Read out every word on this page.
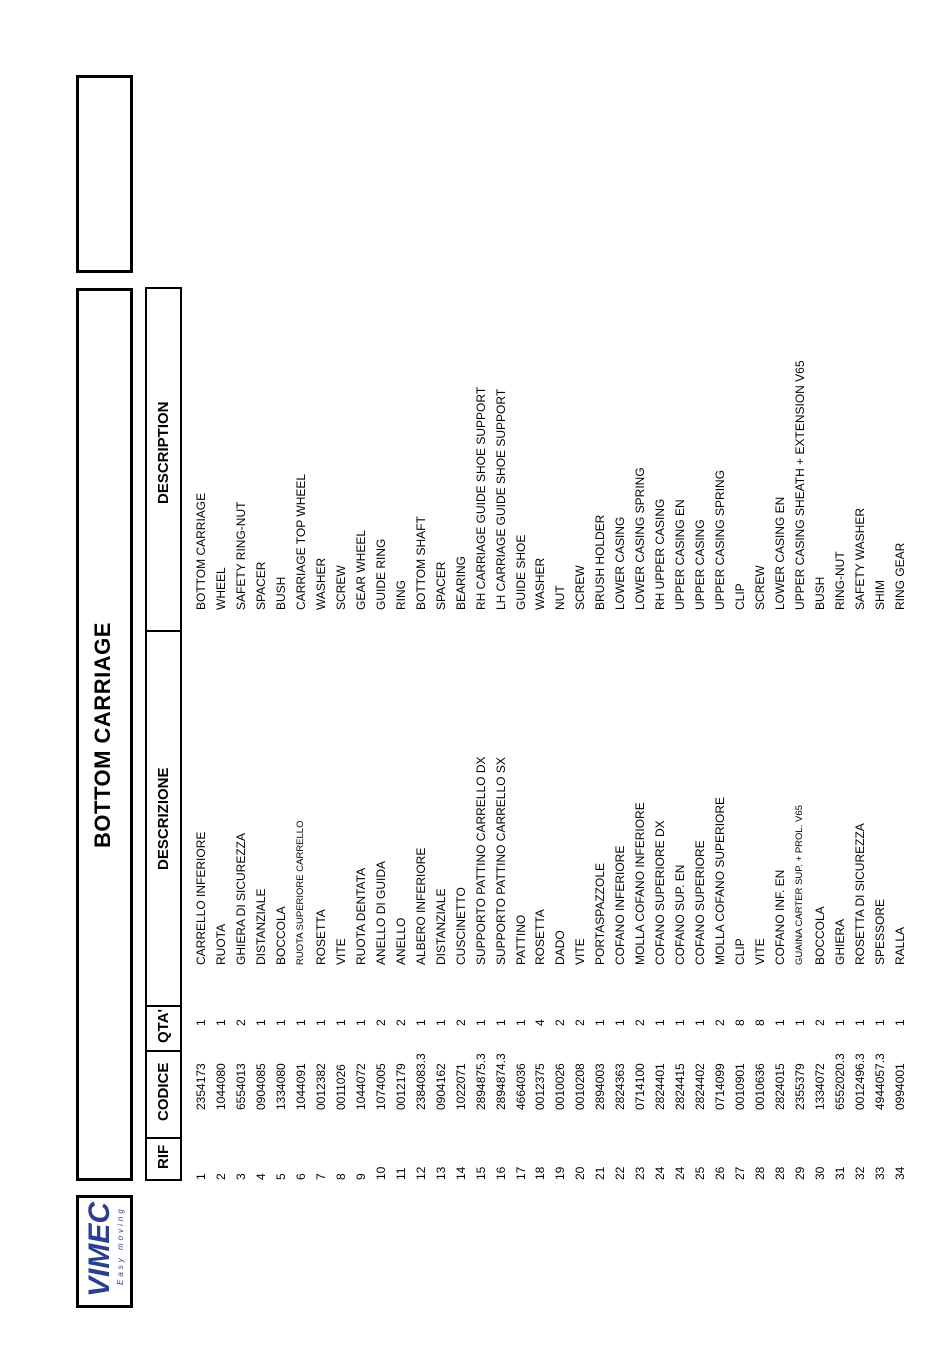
VIMEC Easy moving
BOTTOM CARRIAGE
RIF
CODICE
QTA'
DESCRIZIONE
DESCRIPTION
1
2354173
1
CARRELLO INFERIORE
BOTTOM CARRIAGE
2
1044080
1
RUOTA
WHEEL
3
6554013
2
GHIERA DI SICUREZZA
SAFETY RING-NUT
4
0904085
1
DISTANZIALE
SPACER
5
1334080
1
BOCCOLA
BUSH
6
1044091
1
RUOTA SUPERIORE CARRELLO
CARRIAGE TOP WHEEL
7
0012382
1
ROSETTA
WASHER
8
0011026
1
VITE
SCREW
9
1044072
1
RUOTA DENTATA
GEAR WHEEL
10
1074005
2
ANELLO DI GUIDA
GUIDE RING
11
0012179
2
ANELLO
RING
12
2384083.3
1
ALBERO INFERIORE
BOTTOM SHAFT
13
0904162
1
DISTANZIALE
SPACER
14
1022071
2
CUSCINETTO
BEARING
15
2894875.3
1
SUPPORTO PATTINO CARRELLO DX
RH CARRIAGE GUIDE SHOE SUPPORT
16
2894874.3
1
SUPPORTO PATTINO CARRELLO SX
LH CARRIAGE GUIDE SHOE SUPPORT
17
4664036
1
PATTINO
GUIDE SHOE
18
0012375
4
ROSETTA
WASHER
19
0010026
2
DADO
NUT
20
0010208
2
VITE
SCREW
21
2894003
1
PORTASPAZZOLE
BRUSH HOLDER
22
2824363
1
COFANO INFERIORE
LOWER CASING
23
0714100
2
MOLLA COFANO INFERIORE
LOWER CASING SPRING
24
2824401
1
COFANO SUPERIORE DX
RH UPPER CASING
24
2824415
1
COFANO SUP. EN
UPPER CASING EN
25
2824402
1
COFANO SUPERIORE
UPPER CASING
26
0714099
2
MOLLA COFANO SUPERIORE
UPPER CASING SPRING
27
0010901
8
CLIP
CLIP
28
0010636
8
VITE
SCREW
28
2824015
1
COFANO INF. EN
LOWER CASING EN
29
2355379
1
GUAINA CARTER SUP. + PROL. V65
UPPER CASING SHEATH + EXTENSION V65
30
1334072
2
BOCCOLA
BUSH
31
6552020.3
1
GHIERA
RING-NUT
32
0012496.3
1
ROSETTA DI SICUREZZA
SAFETY WASHER
33
4944057.3
1
SPESSORE
SHIM
34
0994001
1
RALLA
RING GEAR
